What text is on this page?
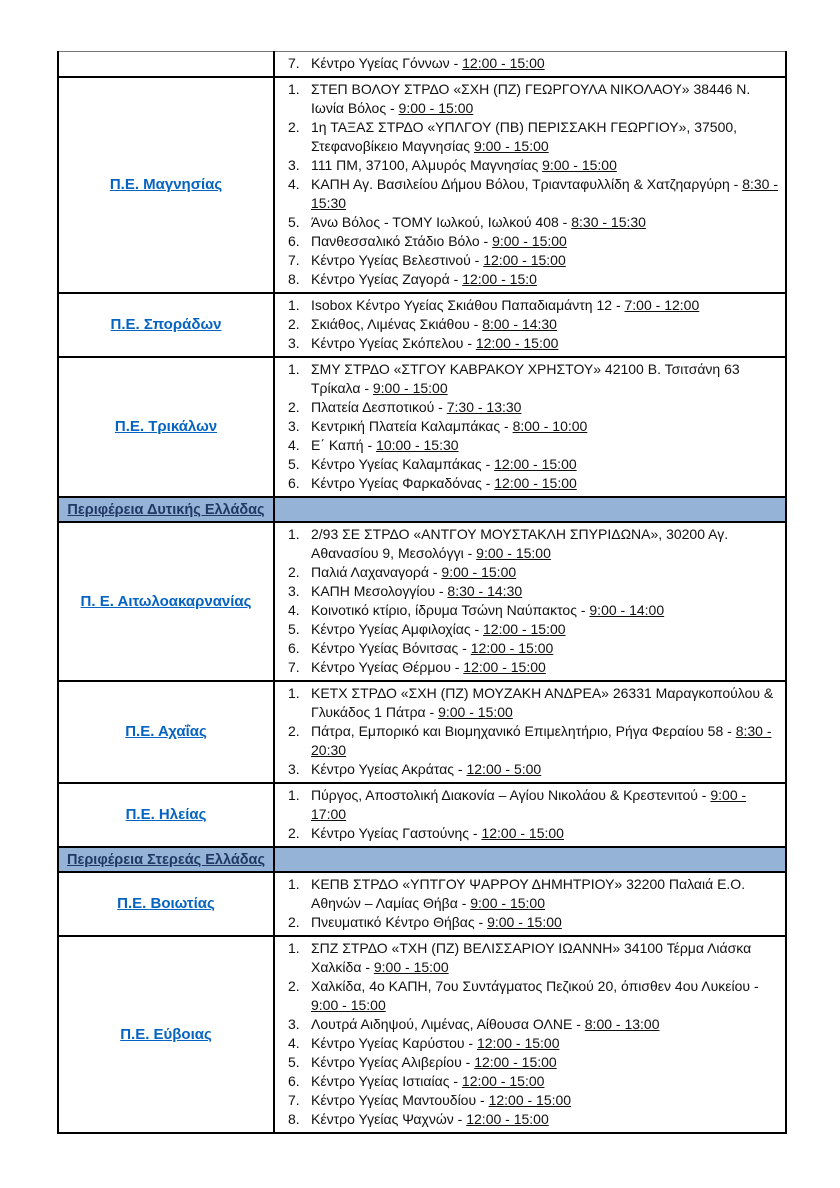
	7. Κέντρο Υγείας Γόννων - 12:00 - 15:00

Π.Ε. Μαγνησίας	
1. ΣΤΕΠ ΒΟΛΟΥ ΣΤΡΔΟ «ΣΧΗ (ΠΖ) ΓΕΩΡΓΟΥΛΑ ΝΙΚΟΛΑΟΥ» 38446 Ν. Ιωνία Βόλος - 9:00 - 15:00
2. 1η ΤΑΞΑΣ ΣΤΡΔΟ «ΥΠΛΓΟΥ (ΠΒ) ΠΕΡΙΣΣΑΚΗ ΓΕΩΡΓΙΟΥ», 37500, Στεφανοβίκειο Μαγνησίας 9:00 - 15:00
3. 111 ΠΜ, 37100, Αλμυρός Μαγνησίας 9:00 - 15:00
4. ΚΑΠΗ Αγ. Βασιλείου Δήμου Βόλου, Τριανταφυλλίδη & Χατζηαργύρη - 8:30 - 15:30
5. Άνω Βόλος - ΤΟΜΥ Ιωλκού, Ιωλκού 408 - 8:30 - 15:30
6. Πανθεσσαλικό Στάδιο Βόλο - 9:00 - 15:00
7. Κέντρο Υγείας Βελεστινού - 12:00 - 15:00
8. Κέντρο Υγείας Ζαγορά - 12:00 - 15:0

Π.Ε. Σποράδων	
1. Isobox Κέντρο Υγείας Σκιάθου Παπαδιαμάντη 12 - 7:00 - 12:00
2. Σκιάθος, Λιμένας Σκιάθου - 8:00 - 14:30
3. Κέντρο Υγείας Σκόπελου - 12:00 - 15:00

Π.Ε. Τρικάλων	
1. ΣΜΥ ΣΤΡΔΟ «ΣΤΓΟΥ ΚΑΒΡΑΚΟΥ ΧΡΗΣΤΟΥ» 42100 Β. Τσιτσάνη 63 Τρίκαλα - 9:00 - 15:00
2. Πλατεία Δεσποτικού - 7:30 - 13:30
3. Κεντρική Πλατεία Καλαμπάκας - 8:00 - 10:00
4. Ε΄ Καπή - 10:00 - 15:30
5. Κέντρο Υγείας Καλαμπάκας - 12:00 - 15:00
6. Κέντρο Υγείας Φαρκαδόνας - 12:00 - 15:00

Περιφέρεια Δυτικής Ελλάδας	
Π. Ε. Αιτωλοακαρνανίας	
1. 2/93 ΣΕ ΣΤΡΔΟ «ΑΝΤΓΟΥ ΜΟΥΣΤΑΚΛΗ ΣΠΥΡΙΔΩΝΑ», 30200 Αγ. Αθανασίου 9, Μεσολόγγι - 9:00 - 15:00
2. Παλιά Λαχαναγορά - 9:00 - 15:00
3. ΚΑΠΗ Μεσολογγίου - 8:30 - 14:30
4. Κοινοτικό κτίριο, ίδρυμα Τσώνη Ναύπακτος - 9:00 - 14:00
5. Κέντρο Υγείας Αμφιλοχίας - 12:00 - 15:00
6. Κέντρο Υγείας Βόνιτσας - 12:00 - 15:00
7. Κέντρο Υγείας Θέρμου - 12:00 - 15:00

Π.Ε. Αχαΐας	
1. ΚΕΤΧ ΣΤΡΔΟ «ΣΧΗ (ΠΖ) ΜΟΥΖΑΚΗ ΑΝΔΡΕΑ» 26331 Μαραγκοπούλου & Γλυκάδος 1 Πάτρα - 9:00 - 15:00
2. Πάτρα, Εμπορικό και Βιομηχανικό Επιμελητήριο, Ρήγα Φεραίου 58 - 8:30 - 20:30
3. Κέντρο Υγείας Ακράτας - 12:00 - 5:00

Π.Ε. Ηλείας	1. Πύργος, Αποστολική Διακονία – Αγίου Νικολάου & Κρεστενιτού - 9:00 - 17:00
2. Κέντρο Υγείας Γαστούνης - 12:00 - 15:00

Περιφέρεια Στερεάς Ελλάδας	
Π.Ε. Βοιωτίας	1. ΚΕΠΒ ΣΤΡΔΟ «ΥΠΤΓΟΥ ΨΑΡΡΟΥ ΔΗΜΗΤΡΙΟΥ» 32200 Παλαιά Ε.Ο. Αθηνών – Λαμίας Θήβα - 9:00 - 15:00
2. Πνευματικό Κέντρο Θήβας - 9:00 - 15:00

Π.Ε. Εύβοιας	
1. ΣΠΖ ΣΤΡΔΟ «ΤΧΗ (ΠΖ) ΒΕΛΙΣΣΑΡΙΟΥ ΙΩΑΝΝΗ» 34100 Τέρμα Λιάσκα Χαλκίδα - 9:00 - 15:00
2. Χαλκίδα, 4ο ΚΑΠΗ, 7ου Συντάγματος Πεζικού 20, όπισθεν 4ου Λυκείου - 9:00 - 15:00
3. Λουτρά Αιδηψού, Λιμένας, Αίθουσα ΟΛΝΕ - 8:00 - 13:00
4. Κέντρο Υγείας Καρύστου - 12:00 - 15:00
5. Κέντρο Υγείας Αλιβερίου - 12:00 - 15:00
6. Κέντρο Υγείας Ιστιαίας - 12:00 - 15:00
7. Κέντρο Υγείας Μαντουδίου - 12:00 - 15:00
8. Κέντρο Υγείας Ψαχνών - 12:00 - 15:00
